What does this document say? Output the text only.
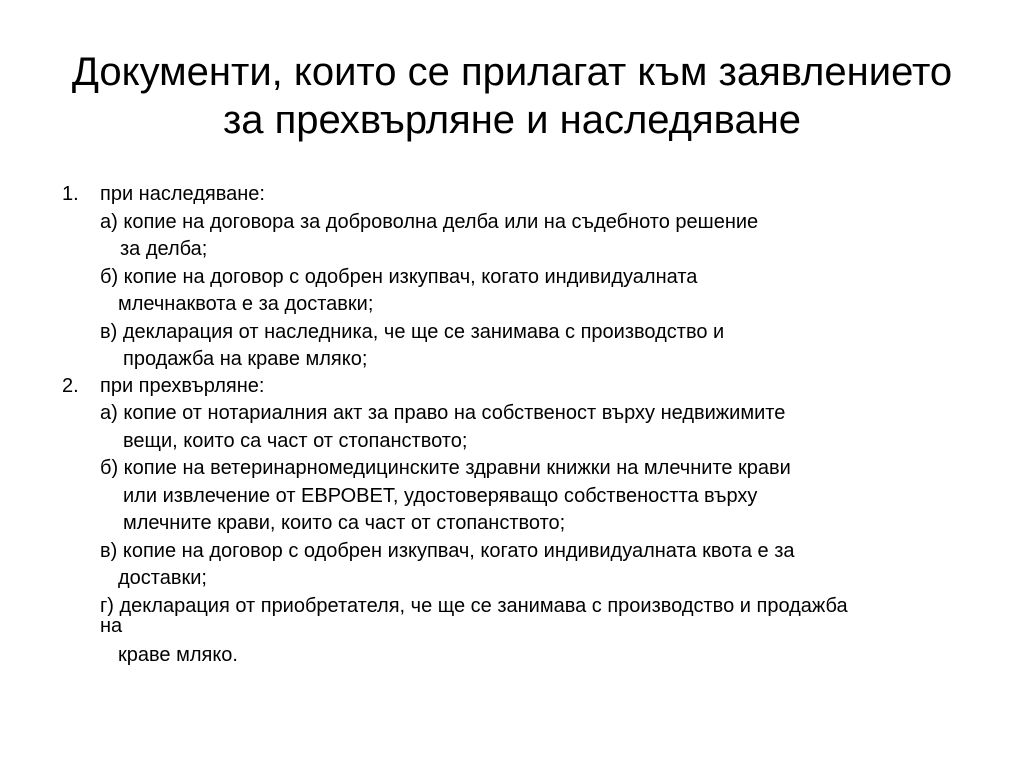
Документи, които се прилагат към заявлението
за прехвърляне и наследяване
1. при наследяване:
а) копие на договора за доброволна делба или на съдебното решение
за делба;
б) копие на договор с одобрен изкупвач, когато индивидуалната
млечнаквота е за доставки;
в) декларация от наследника, че ще се занимава с производство и
продажба на краве мляко;
2. при прехвърляне:
а) копие от нотариалния акт за право на собственост върху недвижимите
вещи, които са част от стопанството;
б) копие на ветеринарномедицинските здравни книжки на млечните крави
или извлечение от ЕВРОВЕТ, удостоверяващо собствеността върху
млечните крави, които са част от стопанството;
в) копие на договор с одобрен изкупвач, когато индивидуалната квота е за
доставки;
г) декларация от приобретателя, че ще се занимава с производство и продажба
на
краве мляко.
